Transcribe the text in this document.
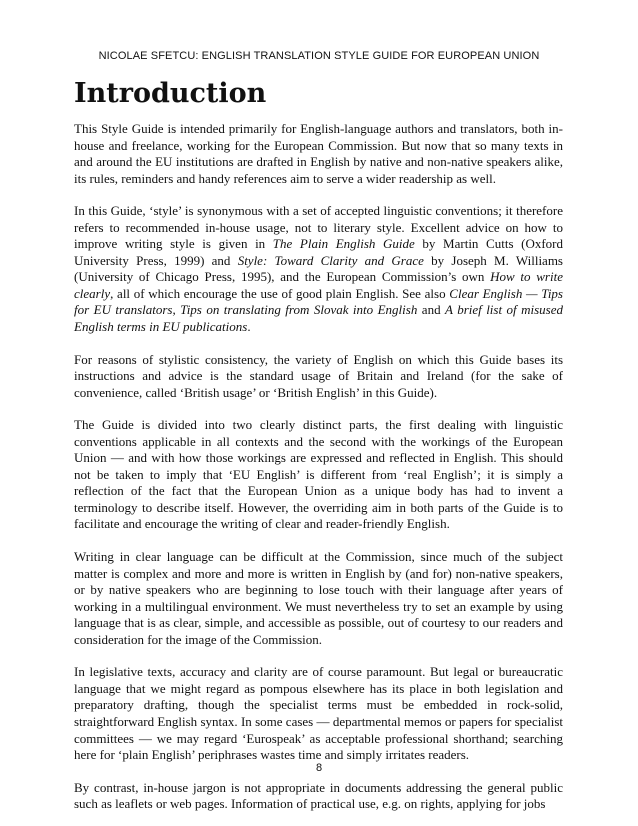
NICOLAE SFETCU: ENGLISH TRANSLATION STYLE GUIDE FOR EUROPEAN UNION
Introduction

This Style Guide is intended primarily for English-language authors and translators, both in-house and freelance, working for the European Commission. But now that so many texts in and around the EU institutions are drafted in English by native and non-native speakers alike, its rules, reminders and handy references aim to serve a wider readership as well.

In this Guide, ‘style’ is synonymous with a set of accepted linguistic conventions; it therefore refers to recommended in-house usage, not to literary style. Excellent advice on how to improve writing style is given in The Plain English Guide by Martin Cutts (Oxford University Press, 1999) and Style: Toward Clarity and Grace by Joseph M. Williams (University of Chicago Press, 1995), and the European Commission’s own How to write clearly, all of which encourage the use of good plain English. See also Clear English — Tips for EU translators, Tips on translating from Slovak into English and A brief list of misused English terms in EU publications.

For reasons of stylistic consistency, the variety of English on which this Guide bases its instructions and advice is the standard usage of Britain and Ireland (for the sake of convenience, called ‘British usage’ or ‘British English’ in this Guide).

The Guide is divided into two clearly distinct parts, the first dealing with linguistic conventions applicable in all contexts and the second with the workings of the European Union — and with how those workings are expressed and reflected in English. This should not be taken to imply that ‘EU English’ is different from ‘real English’; it is simply a reflection of the fact that the European Union as a unique body has had to invent a terminology to describe itself. However, the overriding aim in both parts of the Guide is to facilitate and encourage the writing of clear and reader-friendly English.

Writing in clear language can be difficult at the Commission, since much of the subject matter is complex and more and more is written in English by (and for) non-native speakers, or by native speakers who are beginning to lose touch with their language after years of working in a multilingual environment. We must nevertheless try to set an example by using language that is as clear, simple, and accessible as possible, out of courtesy to our readers and consideration for the image of the Commission.

In legislative texts, accuracy and clarity are of course paramount. But legal or bureaucratic language that we might regard as pompous elsewhere has its place in both legislation and preparatory drafting, though the specialist terms must be embedded in rock-solid, straightforward English syntax. In some cases — departmental memos or papers for specialist committees — we may regard ‘Eurospeak’ as acceptable professional shorthand; searching here for ‘plain English’ periphrases wastes time and simply irritates readers.

By contrast, in-house jargon is not appropriate in documents addressing the general public such as leaflets or web pages. Information of practical use, e.g. on rights, applying for jobs

8
